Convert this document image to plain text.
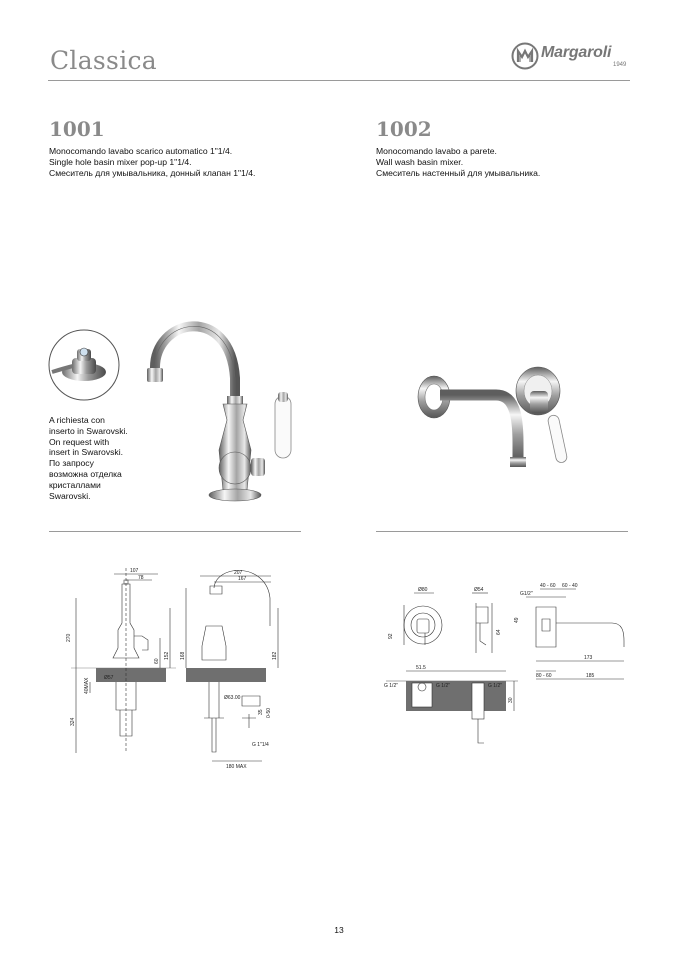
Classica	Margaroli
1949
1001
Monocomando lavabo scarico automatico 1"1/4.
Single hole basin mixer pop-up 1"1/4.
Смеситель для умывальника, донный клапан 1"1/4.
1002
Monocomando lavabo a parete.
Wall wash basin mixer.
Смеситель настенный для умывальника.
A richiesta con
inserto in Swarovski.
On request with
insert in Swarovski.
По запросу
возможна отделка
кристаллами
Swarovski.
107
78
207
167
270
168
152
60
182
Ø57
Ø63.00
40MAX
324
35 0-50
G 1"1/4
180 MAX
Ø80	Ø54
G1/2"
40 - 60 60 - 40
92
64
49
51.5
G 1/2"	G 1/2"	G 1/2"
173
80 - 60	185
30
13
